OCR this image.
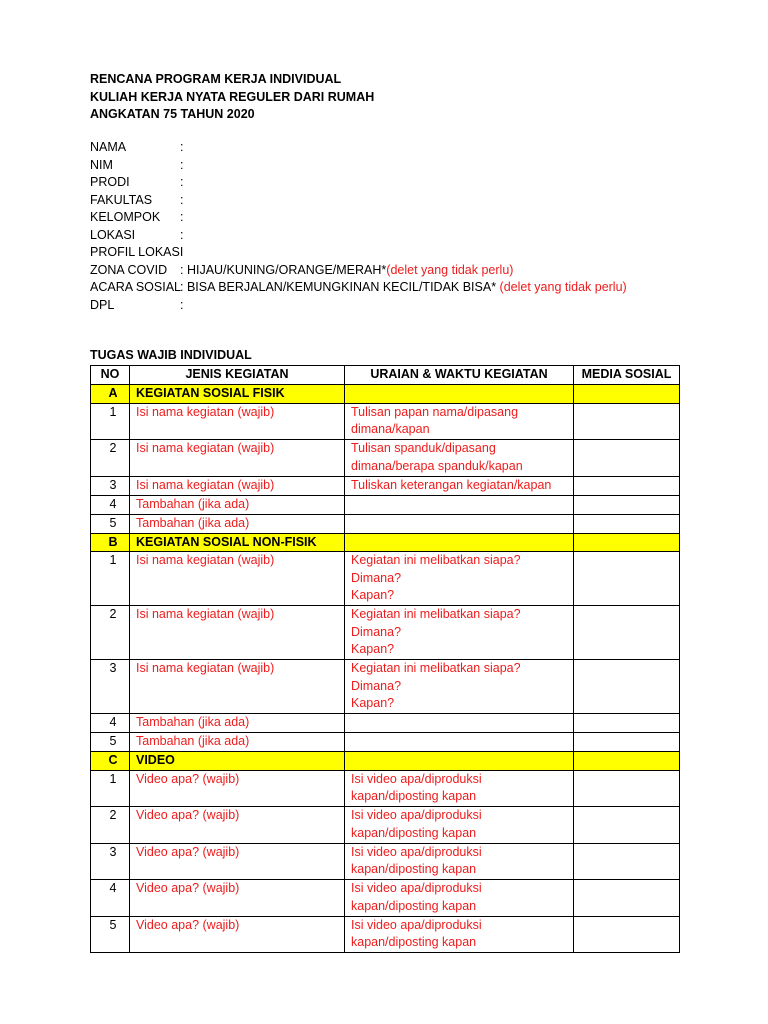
RENCANA PROGRAM KERJA INDIVIDUAL
KULIAH KERJA NYATA REGULER DARI RUMAH
ANGKATAN 75 TAHUN 2020
NAMA	:
NIM	:
PRODI	:
FAKULTAS	:
KELOMPOK	:
LOKASI	:
PROFIL LOKASI
ZONA COVID	: HIJAU/KUNING/ORANGE/MERAH*(delet yang tidak perlu)
ACARA SOSIAL
: BISA BERJALAN/KEMUNGKINAN KECIL/TIDAK BISA* (delet yang tidak perlu)
DPL	:
TUGAS WAJIB INDIVIDUAL
NO	JENIS KEGIATAN	URAIAN & WAKTU KEGIATAN	MEDIA SOSIAL
A	KEGIATAN SOSIAL FISIK		
1	Isi nama kegiatan (wajib)	Tulisan papan nama/dipasang
dimana/kapan	

2	Isi nama kegiatan (wajib)	Tulisan spanduk/dipasang
dimana/berapa spanduk/kapan	

3	Isi nama kegiatan (wajib)	Tuliskan keterangan kegiatan/kapan	

4	Tambahan (jika ada)		
5	Tambahan (jika ada)		
B	KEGIATAN SOSIAL NON-FISIK		
1	Isi nama kegiatan (wajib)	Kegiatan ini melibatkan siapa?
Dimana?
Kapan?	

2	Isi nama kegiatan (wajib)	Kegiatan ini melibatkan siapa?
Dimana?
Kapan?	

3	Isi nama kegiatan (wajib)	Kegiatan ini melibatkan siapa?
Dimana?
Kapan?	

4	Tambahan (jika ada)		
5	Tambahan (jika ada)		
C	VIDEO		
1	Video apa? (wajib)	Isi video apa/diproduksi
kapan/diposting kapan	

2	Video apa? (wajib)	Isi video apa/diproduksi
kapan/diposting kapan	

3	Video apa? (wajib)	Isi video apa/diproduksi
kapan/diposting kapan	

4	Video apa? (wajib)	Isi video apa/diproduksi
kapan/diposting kapan	

5	Video apa? (wajib)	Isi video apa/diproduksi
kapan/diposting kapan	
